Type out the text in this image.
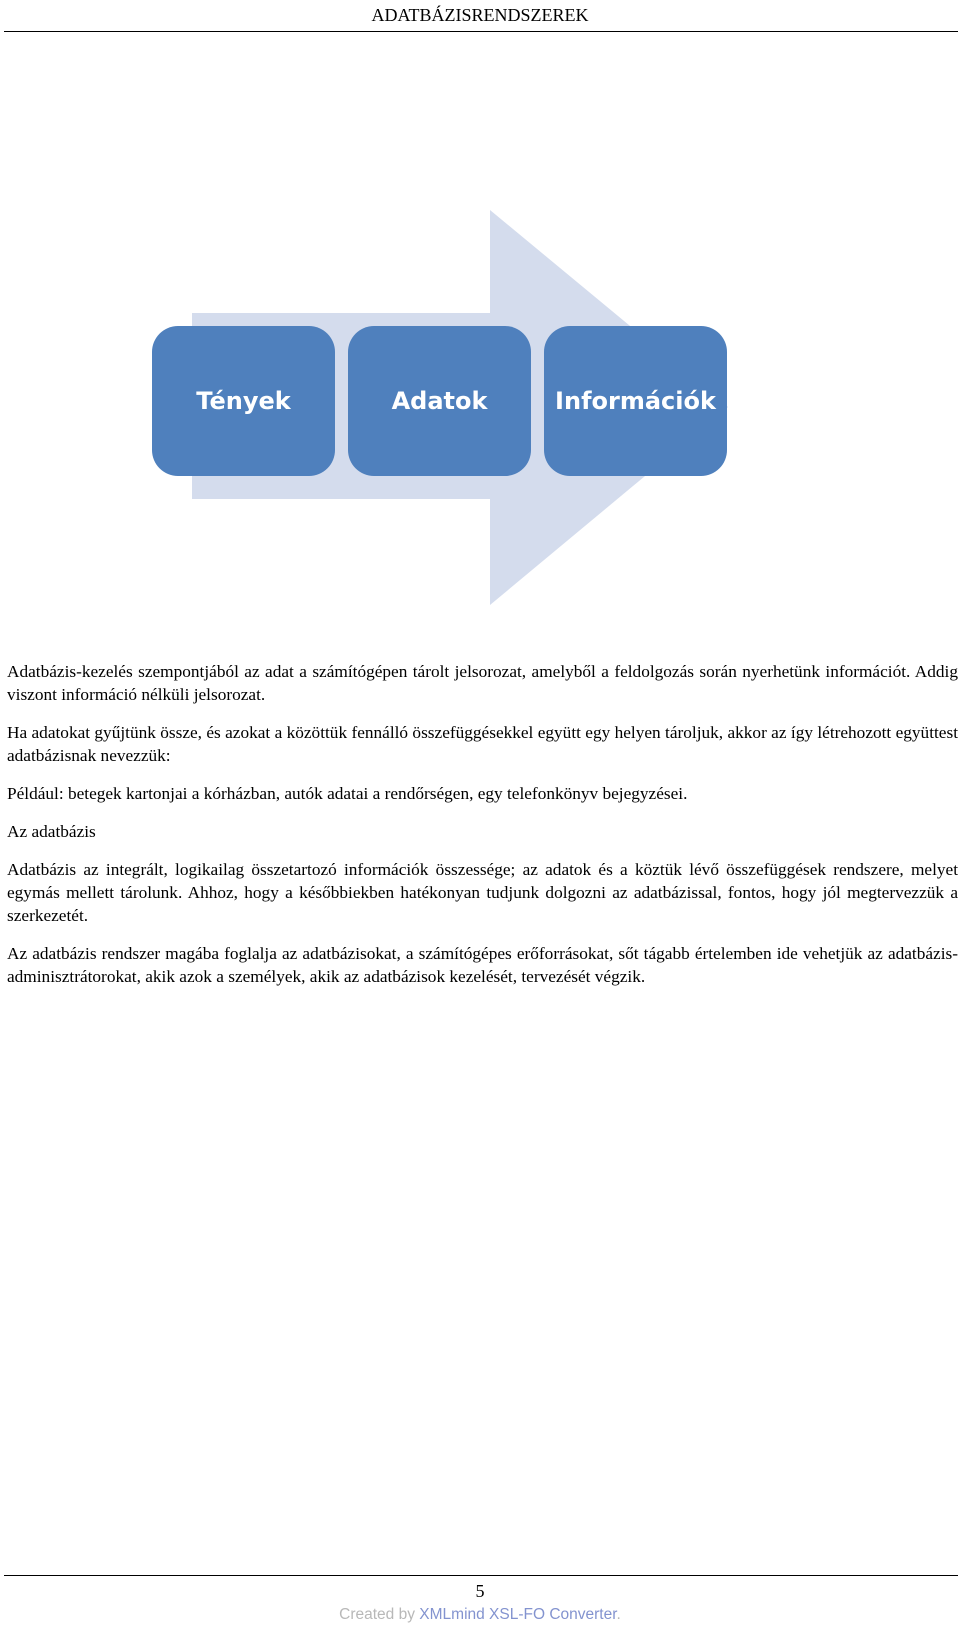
ADATBÁZISRENDSZEREK
Tények	Adatok	Információk

Adatbázis-kezelés szempontjából az adat a számítógépen tárolt jelsorozat, amelyből a feldolgozás során nyerhetünk információt. Addig viszont információ nélküli jelsorozat.

Ha adatokat gyűjtünk össze, és azokat a közöttük fennálló összefüggésekkel együtt egy helyen tároljuk, akkor az így létrehozott együttest adatbázisnak nevezzük:

Például: betegek kartonjai a kórházban, autók adatai a rendőrségen, egy telefonkönyv bejegyzései.

Az adatbázis

Adatbázis az integrált, logikailag összetartozó információk összessége; az adatok és a köztük lévő összefüggések rendszere, melyet egymás mellett tárolunk. Ahhoz, hogy a későbbiekben hatékonyan tudjunk dolgozni az adatbázissal, fontos, hogy jól megtervezzük a szerkezetét.

Az adatbázis rendszer magába foglalja az adatbázisokat, a számítógépes erőforrásokat, sőt tágabb értelemben ide vehetjük az adatbázis-adminisztrátorokat, akik azok a személyek, akik az adatbázisok kezelését, tervezését végzik.

5
Created by XMLmind XSL-FO Converter.
